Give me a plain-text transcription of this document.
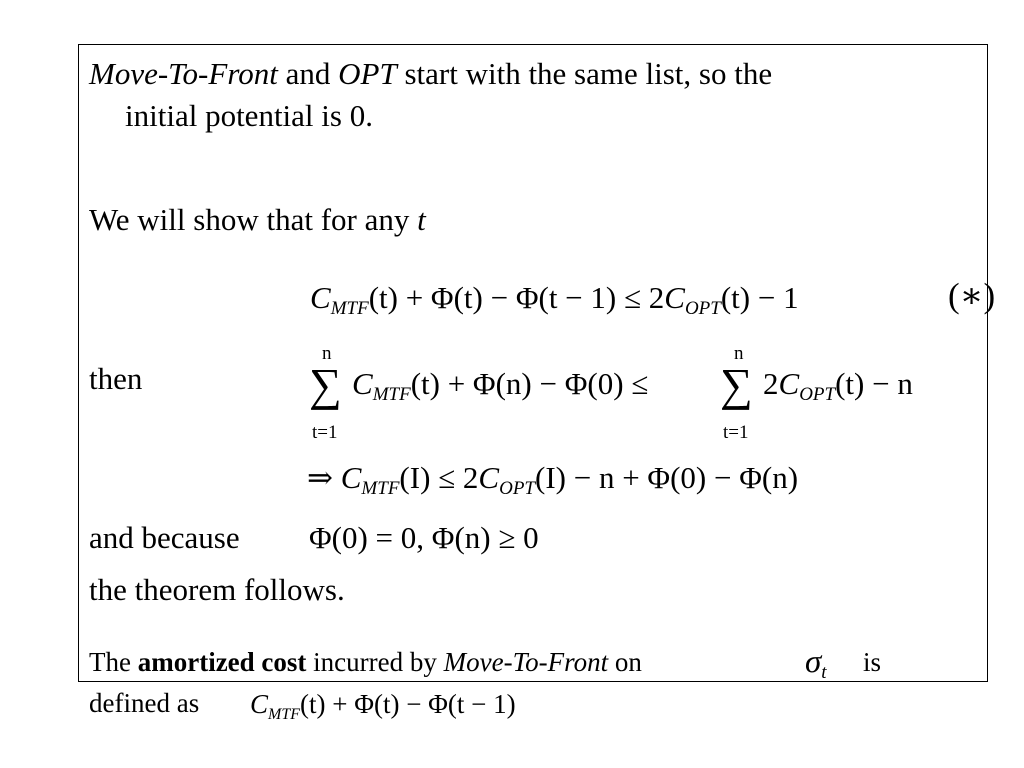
Move-To-Front and OPT start with the same list, so the
initial potential is 0.
We will show that for any t
$C_{MTF}(t) + \Phi(t) - \Phi(t - 1) \le 2C_{OPT}(t) - 1$	(∗)
then
n
∑
t=1
$C_{MTF}(t) + \Phi(n) - \Phi(0)$ ≤
n
∑
t=1
$2C_{OPT}(t) - n$
⇒ $C_{MTF}(I) \le 2C_{OPT}(I) - n + \Phi(0) - \Phi(n)$
and because Φ(0) = 0, Φ(n) ≥ 0
the theorem follows.
The amortized cost incurred by Move-To-Front on	$\sigma_t$ is
defined as $C_{MTF}(t) + \Phi(t) - \Phi(t - 1)$
